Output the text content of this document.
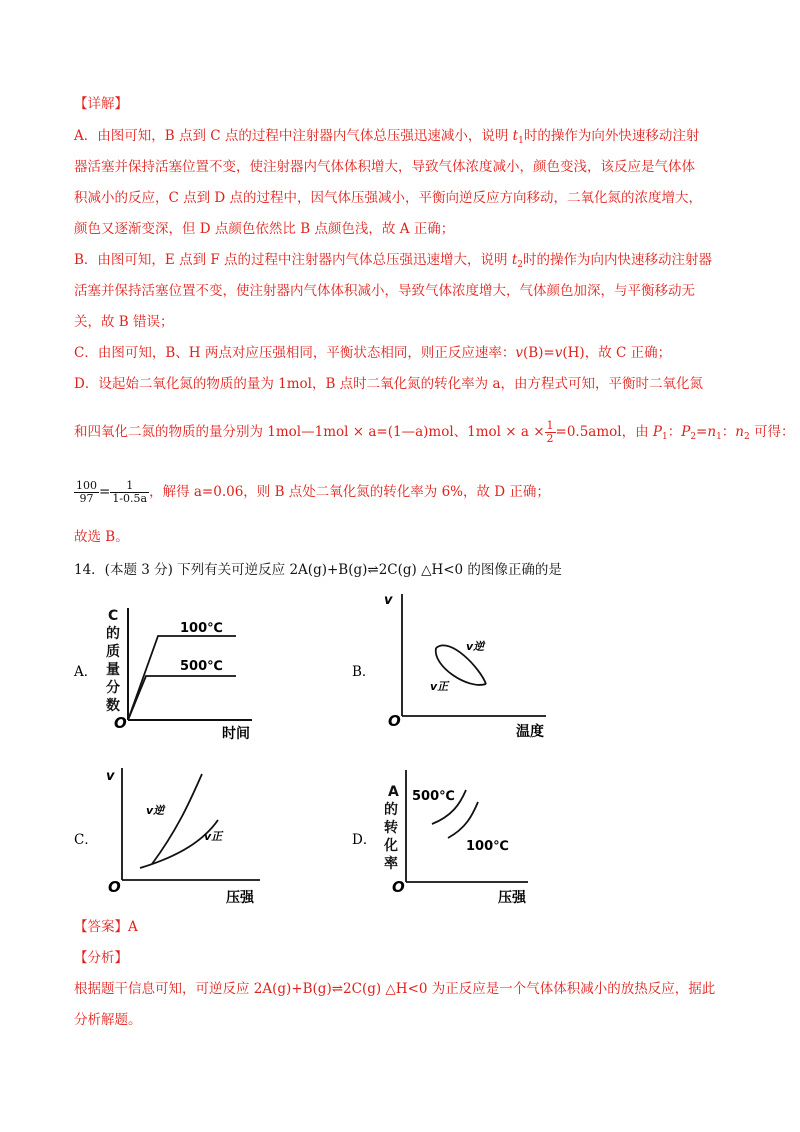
【详解】
A．由图可知，B 点到 C 点的过程中注射器内气体总压强迅速减小，说明 $t_1$时的操作为向外快速移动注射
器活塞并保持活塞位置不变，使注射器内气体体积增大，导致气体浓度减小，颜色变浅，该反应是气体体
积减小的反应，C 点到 D 点的过程中，因气体压强减小，平衡向逆反应方向移动，二氧化氮的浓度增大，
颜色又逐渐变深，但 D 点颜色依然比 B 点颜色浅，故 A 正确；
B．由图可知，E 点到 F 点的过程中注射器内气体总压强迅速增大，说明 $t_2$时的操作为向内快速移动注射器
活塞并保持活塞位置不变，使注射器内气体体积减小，导致气体浓度增大，气体颜色加深，与平衡移动无
关，故 B 错误；
C．由图可知，B、H 两点对应压强相同，平衡状态相同，则正反应速率：v(B)=v(H)，故 C 正确；
D．设起始二氧化氮的物质的量为 1mol，B 点时二氧化氮的转化率为 a，由方程式可知，平衡时二氧化氮
和四氧化二氮的物质的量分别为 1mol—1mol × a=(1—a)mol、$1mol \times a \times \frac{1}{2}$ =0.5amol，由 $P_1$：$P_2=n_1$：$n_2$ 可得：
$\frac{100}{97} = \frac{1}{1-0.5a}$ ，解得 a=0.06，则 B 点处二氧化氮的转化率为 6%，故 D 正确；
故选 B。
14．(本题 3 分) 下列有关可逆反应 2A(g)+B(g)⇌2C(g) △H<0 的图像正确的是
A．
C
的
质
量
分
数
O
时间
100℃
500℃	B．
v
O
温度
v逆
v正
C．
v
O
压强
v逆
v正	D．
A
的
转
化
率
O
压强
500℃
100℃
【答案】A
【分析】
根据题干信息可知，可逆反应 2A(g)+B(g)⇌2C(g) △H<0 为正反应是一个气体体积减小的放热反应，据此
分析解题。
